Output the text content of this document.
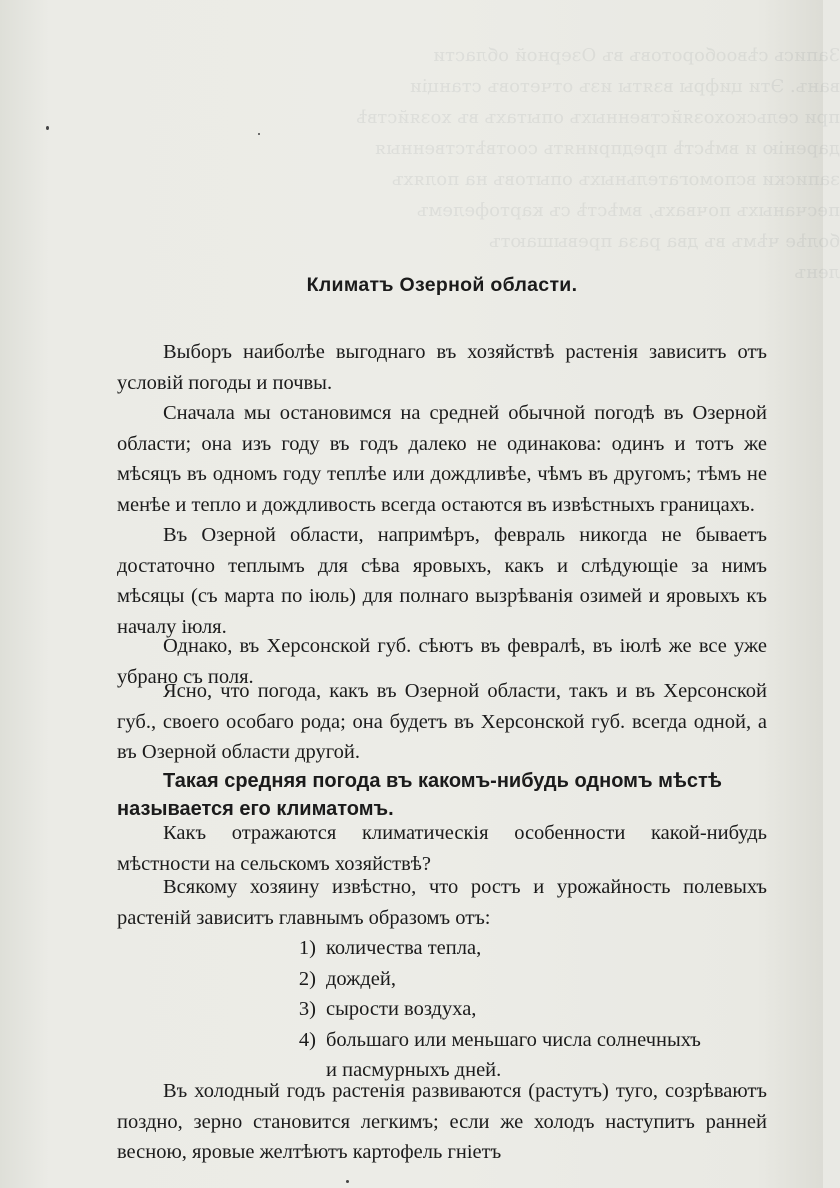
Запись сѣвооборотовъ въ Озерной области
ванъ. Эти цифры взяты изъ отчетовъ станціи
при сельскохозяйственныхъ опытахъ въ хозяйствѣ
даренію и вмѣстѣ предпринять соотвѣтственныя
записки вспомогательныхъ опытовъ на поляхъ
песчаныхъ почвахъ, вмѣстѣ съ картофелемъ
болѣе чѣмъ въ два раза превышаютъ
ленъ
Климатъ Озерной области.

Выборъ наиболѣе выгоднаго въ хозяйствѣ растенія зависитъ отъ условій погоды и почвы.

Сначала мы остановимся на средней обычной погодѣ въ Озерной области; она изъ году въ годъ далеко не одинакова: одинъ и тотъ же мѣсяцъ въ одномъ году теплѣе или дождливѣе, чѣмъ въ другомъ; тѣмъ не менѣе и тепло и дождливость всегда остаются въ извѣстныхъ границахъ.

Въ Озерной области, напримѣръ, февраль никогда не бываетъ достаточно теплымъ для сѣва яровыхъ, какъ и слѣдующіе за нимъ мѣсяцы (съ марта по іюль) для полнаго вызрѣванія озимей и яровыхъ къ началу іюля.

Однако, въ Херсонской губ. сѣютъ въ февралѣ, въ іюлѣ же все уже убрано съ поля.

Ясно, что погода, какъ въ Озерной области, такъ и въ Херсонской губ., своего особаго рода; она будетъ въ Херсонской губ. всегда одной, а въ Озерной области другой.

Такая средняя погода въ какомъ-нибудь одномъ мѣстѣ называется его климатомъ.

Какъ отражаются климатическія особенности какой-нибудь мѣстности на сельскомъ хозяйствѣ?

Всякому хозяину извѣстно, что ростъ и урожайность полевыхъ растеній зависитъ главнымъ образомъ отъ:

1) количества тепла,
2) дождей,
3) сырости воздуха,
4) большаго или меньшаго числа солнечныхъ
и пасмурныхъ дней.

Въ холодный годъ растенія развиваются (растутъ) туго, созрѣваютъ поздно, зерно становится легкимъ; если же холодъ наступитъ ранней весною, яровые желтѣютъ картофель гніетъ
